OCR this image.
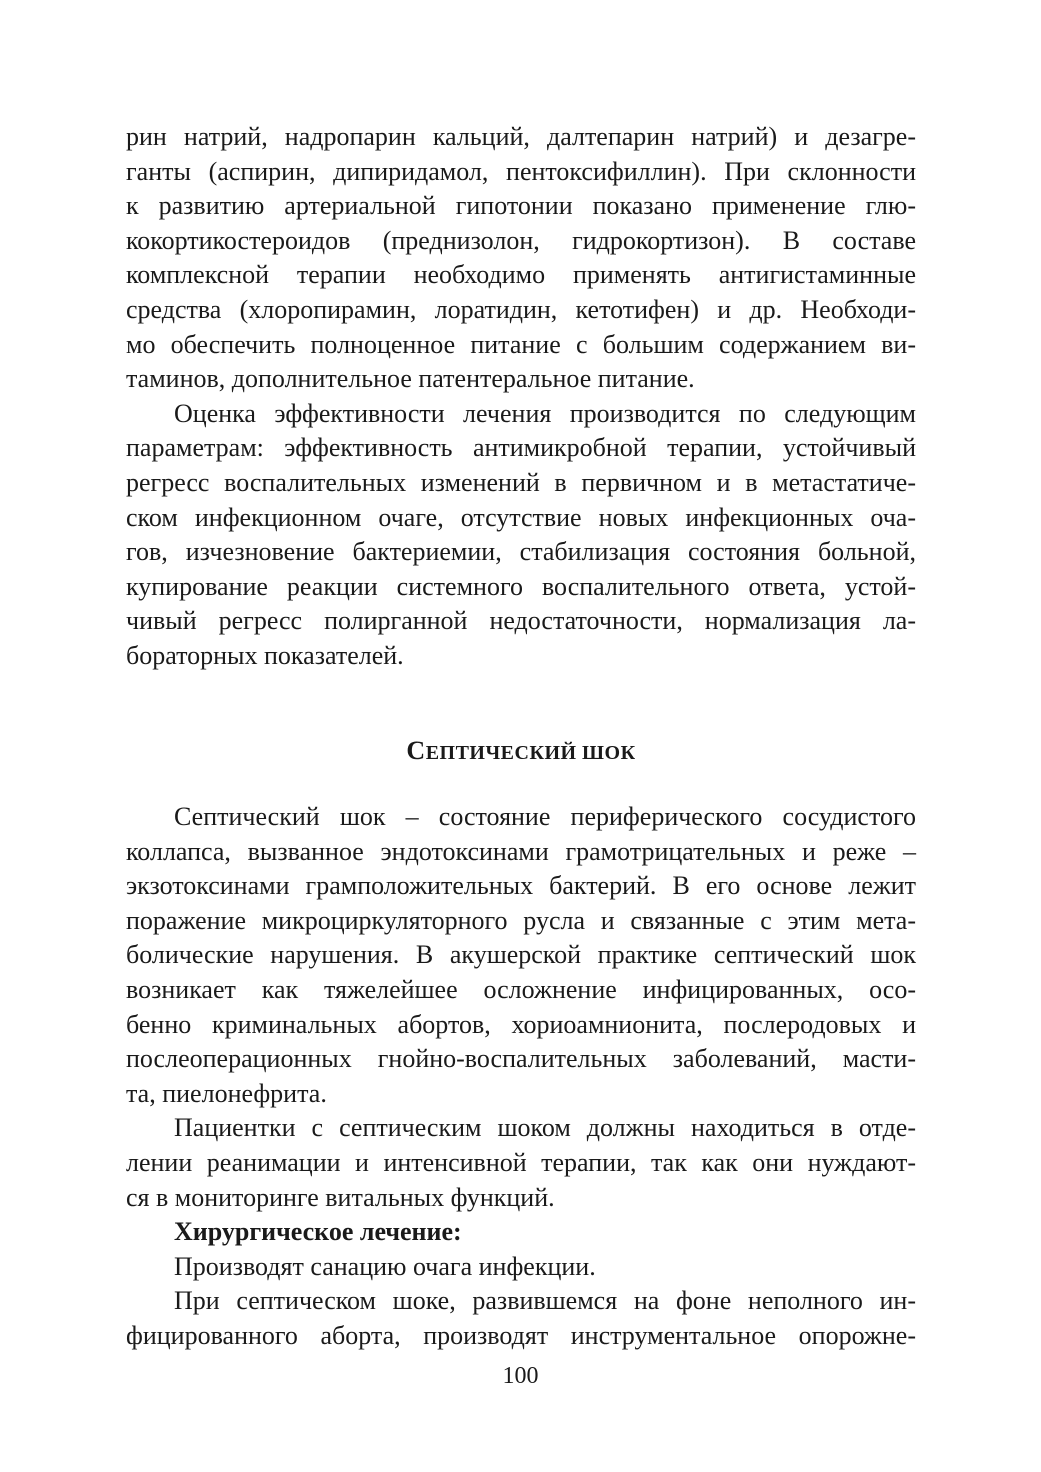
рин натрий, надропарин кальций, далтепарин натрий) и дезагре-
ганты (аспирин, дипиридамол, пентоксифиллин). При склонности
к развитию артериальной гипотонии показано применение глю-
кокортикостероидов (преднизолон, гидрокортизон). В составе
комплексной терапии необходимо применять антигистаминные
средства (хлоропирамин, лоратидин, кетотифен) и др. Необходи-
мо обеспечить полноценное питание с большим содержанием ви-
таминов, дополнительное патентеральное питание.

Оценка эффективности лечения производится по следующим
параметрам: эффективность антимикробной терапии, устойчивый
регресс воспалительных изменений в первичном и в метастатиче-
ском инфекционном очаге, отсутствие новых инфекционных оча-
гов, изчезновение бактериемии, стабилизация состояния больной,
купирование реакции системного воспалительного ответа, устой-
чивый регресс полирганной недостаточности, нормализация ла-
бораторных показателей.

СЕПТИЧЕСКИЙ ШОК

Септический шок – состояние периферического сосудистого
коллапса, вызванное эндотоксинами грамотрицательных и реже –
экзотоксинами грамположительных бактерий. В его основе лежит
поражение микроциркуляторного русла и связанные с этим мета-
болические нарушения. В акушерской практике септический шок
возникает как тяжелейшее осложнение инфицированных, осо-
бенно криминальных абортов, хориоамнионита, послеродовых и
послеоперационных гнойно-воспалительных заболеваний, масти-
та, пиелонефрита.

Пациентки с септическим шоком должны находиться в отде-
лении реанимации и интенсивной терапии, так как они нуждают-
ся в мониторинге витальных функций.

Хирургическое лечение:

Производят санацию очага инфекции.

При септическом шоке, развившемся на фоне неполного ин-
фицированного аборта, производят инструментальное опорожне-

100
